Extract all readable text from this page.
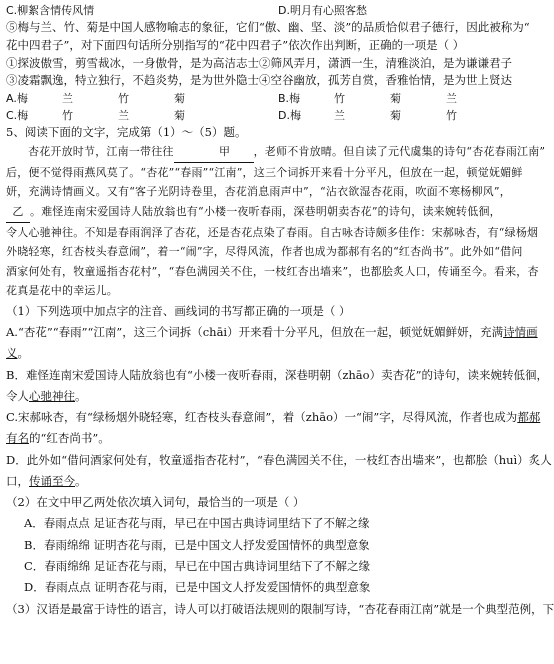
C.柳絮含情传风情	D.明月有心照客愁
⑤梅与兰、竹、菊是中国人感物喻志的象征，它们“傲、幽、坚、淡”的品质恰似君子德行，因此被称为“
花中四君子”，对下面四句话所分别指写的“花中四君子”依次作出判断，正确的一项是（ ）
①探波傲雪，剪雪裁冰，一身傲骨，是为高洁志士②筛风弄月，潇洒一生，清雅淡泊，是为谦谦君子
③凌霜飘逸，特立独行，不趋炎势，是为世外隐士④空谷幽放，孤芳自赏，香雅怡情，是为世上贤达
A.梅	兰	竹	菊	B.梅	竹	菊	兰
C.梅	竹	兰	菊	D.梅	兰	菊	竹
5、阅读下面的文字，完成第（1）～（5）题。
杏花开放时节，江南一带往往	甲 ，老师不肯放晴。但自读了元代虞集的诗句“杏花春雨江南”
后，便不觉得雨燕风莫了。“杏花”“春雨”“江南”，这三个词拆开来看十分平凡，但放在一起，顿觉妩媚鲜
妍，充满诗情画义。又有“客子光阴诗卷里，杏花消息雨声中”，“沾衣欲湿杏花雨，吹面不寒杨柳风”，
乙 。难怪连南宋爱国诗人陆放翁也有“小楼一夜听春雨，深巷明朝卖杏花”的诗句，读来婉转低徊，
令人心驰神往。不知是春雨润泽了杏花，还是杏花点染了春雨。自古咏杏诗颇多佳作：宋郝咏杏，有“绿杨烟
外晓轻寒，红杏枝头春意闹”，着一“闹”字，尽得风流，作者也成为都郝有名的“红杏尚书”。此外如“借问
酒家何处有，牧童遥指杏花村”，“春色满园关不住，一枝红杏出墙来”，也都脍炙人口，传诵至今。看来，杏
花真是花中的幸运儿。
（1）下列选项中加点字的注音、画线词的书写都正确的一项是（ ）
A.“杏花”“春雨”“江南”，这三个词拆（chāi）开来看十分平凡，但放在一起，顿觉妩媚鲜妍，充满诗情画
义。
B．难怪连南宋爱国诗人陆放翁也有“小楼一夜听春雨，深巷明朝（zhāo）卖杏花”的诗句，读来婉转低徊，
令人心驰神往。
C.宋郝咏杏，有“绿杨烟外晓轻寒，红杏枝头春意闹”，着（zhāo）一“闹”字，尽得风流，作者也成为都郝
有名的“红杏尚书”。
D．此外如“借问酒家何处有，牧童遥指杏花村”，“春色满园关不住，一枝红杏出墙来”，也都脍（huì）炙人
口，传诵至今。
（2）在文中甲乙两处依次填入词句，最恰当的一项是（ ）
A．春雨点点 足证杏花与雨，早已在中国古典诗词里结下了不解之缘
B．春雨绵绵 证明杏花与雨，已是中国文人抒发爱国情怀的典型意象
C．春雨绵绵 足证杏花与雨，早已在中国古典诗词里结下了不解之缘
D．春雨点点 证明杏花与雨，已是中国文人抒发爱国情怀的典型意象
（3）汉语是最富于诗性的语言，诗人可以打破语法规则的限制写诗，“杏花春雨江南”就是一个典型范例，下
